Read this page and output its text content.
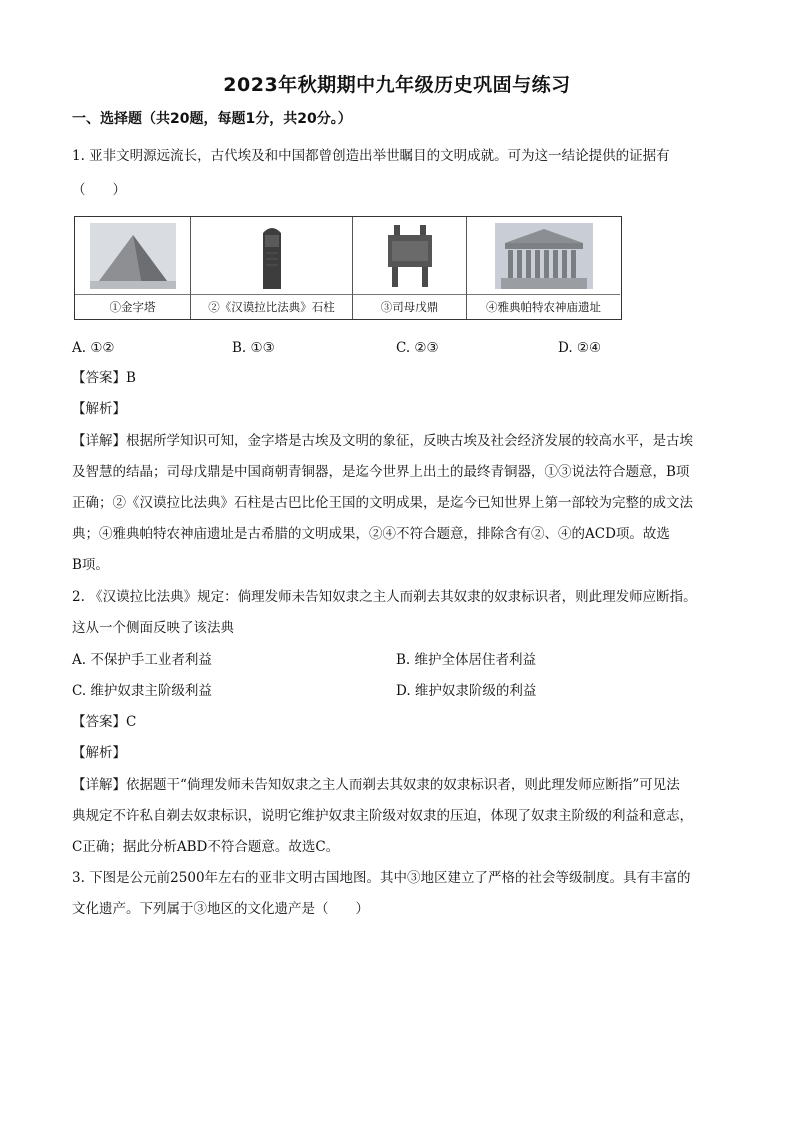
2023年秋期期中九年级历史巩固与练习
一、选择题（共20题，每题1分，共20分。）
1. 亚非文明源远流长，古代埃及和中国都曾创造出举世瞩目的文明成就。可为这一结论提供的证据有
（　　）
①金字塔	②《汉谟拉比法典》石柱	③司母戊鼎	④雅典帕特农神庙遗址
A. ①②	B. ①③	C. ②③	D. ②④
【答案】B
【解析】
【详解】根据所学知识可知，金字塔是古埃及文明的象征，反映古埃及社会经济发展的较高水平，是古埃
及智慧的结晶；司母戊鼎是中国商朝青铜器，是迄今世界上出土的最终青铜器，①③说法符合题意，B项
正确；②《汉谟拉比法典》石柱是古巴比伦王国的文明成果，是迄今已知世界上第一部较为完整的成文法
典；④雅典帕特农神庙遗址是古希腊的文明成果，②④不符合题意，排除含有②、④的ACD项。故选
B项。
2. 《汉谟拉比法典》规定：倘理发师未告知奴隶之主人而剃去其奴隶的奴隶标识者，则此理发师应断指。
这从一个侧面反映了该法典
A. 不保护手工业者利益	B. 维护全体居住者利益
C. 维护奴隶主阶级利益	D. 维护奴隶阶级的利益
【答案】C
【解析】
【详解】依据题干“倘理发师未告知奴隶之主人而剃去其奴隶的奴隶标识者，则此理发师应断指”可见法
典规定不许私自剃去奴隶标识，说明它维护奴隶主阶级对奴隶的压迫，体现了奴隶主阶级的利益和意志，
C正确；据此分析ABD不符合题意。故选C。
3. 下图是公元前2500年左右的亚非文明古国地图。其中③地区建立了严格的社会等级制度。具有丰富的
文化遗产。下列属于③地区的文化遗产是（　　）
